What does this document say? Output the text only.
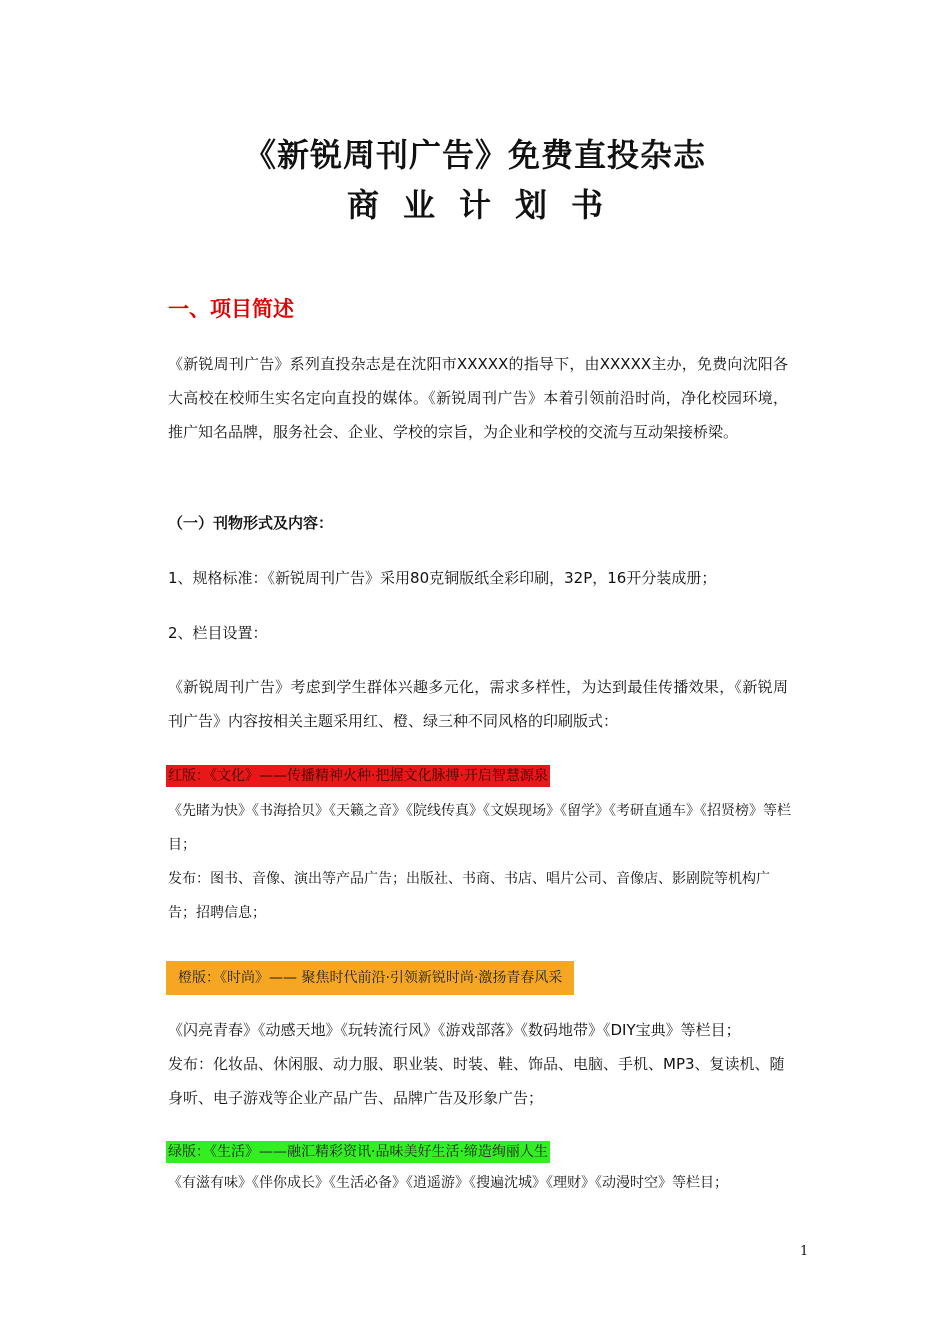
《新锐周刊广告》免费直投杂志
商业计划书
一、项目简述
《新锐周刊广告》系列直投杂志是在沈阳市XXXXX的指导下，由XXXXX主办，免费向沈阳各大高校在校师生实名定向直投的媒体。《新锐周刊广告》本着引领前沿时尚，净化校园环境，推广知名品牌，服务社会、企业、学校的宗旨，为企业和学校的交流与互动架接桥梁。
（一）刊物形式及内容：
1、规格标准：《新锐周刊广告》采用80克铜版纸全彩印刷，32P，16开分装成册；
2、栏目设置：
《新锐周刊广告》考虑到学生群体兴趣多元化，需求多样性，为达到最佳传播效果，《新锐周刊广告》内容按相关主题采用红、橙、绿三种不同风格的印刷版式：
红版：《文化》——传播精神火种·把握文化脉搏·开启智慧源泉
《先睹为快》《书海拾贝》《天籁之音》《院线传真》《文娱现场》《留学》《考研直通车》《招贤榜》等栏目；
发布：图书、音像、演出等产品广告；出版社、书商、书店、唱片公司、音像店、影剧院等机构广告；招聘信息；
橙版：《时尚》—— 聚焦时代前沿·引领新锐时尚·激扬青春风采
《闪亮青春》《动感天地》《玩转流行风》《游戏部落》《数码地带》《DIY宝典》等栏目；
发布：化妆品、休闲服、动力服、职业装、时装、鞋、饰品、电脑、手机、MP3、复读机、随身听、电子游戏等企业产品广告、品牌广告及形象广告；
绿版：《生活》——融汇精彩资讯·品味美好生活·缔造绚丽人生
《有滋有味》《伴你成长》《生活必备》《逍遥游》《搜遍沈城》《理财》《动漫时空》等栏目；
1
